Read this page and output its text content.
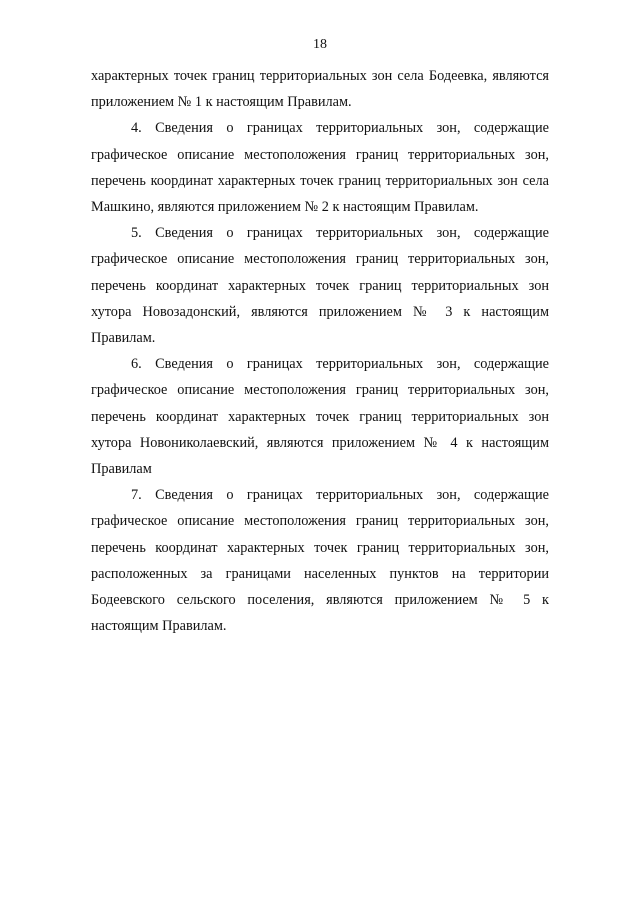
18

характерных точек границ территориальных зон села Бодеевка, являются приложением № 1 к настоящим Правилам.

4. Сведения о границах территориальных зон, содержащие графическое описание местоположения границ территориальных зон, перечень координат характерных точек границ территориальных зон села Машкино, являются приложением № 2 к настоящим Правилам.

5. Сведения о границах территориальных зон, содержащие графическое описание местоположения границ территориальных зон, перечень координат характерных точек границ территориальных зон хутора Новозадонский, являются приложением № 3 к настоящим Правилам.

6. Сведения о границах территориальных зон, содержащие графическое описание местоположения границ территориальных зон, перечень координат характерных точек границ территориальных зон хутора Новониколаевский, являются приложением № 4 к настоящим Правилам

7. Сведения о границах территориальных зон, содержащие графическое описание местоположения границ территориальных зон, перечень координат характерных точек границ территориальных зон, расположенных за границами населенных пунктов на территории Бодеевского сельского поселения, являются приложением № 5 к настоящим Правилам.
